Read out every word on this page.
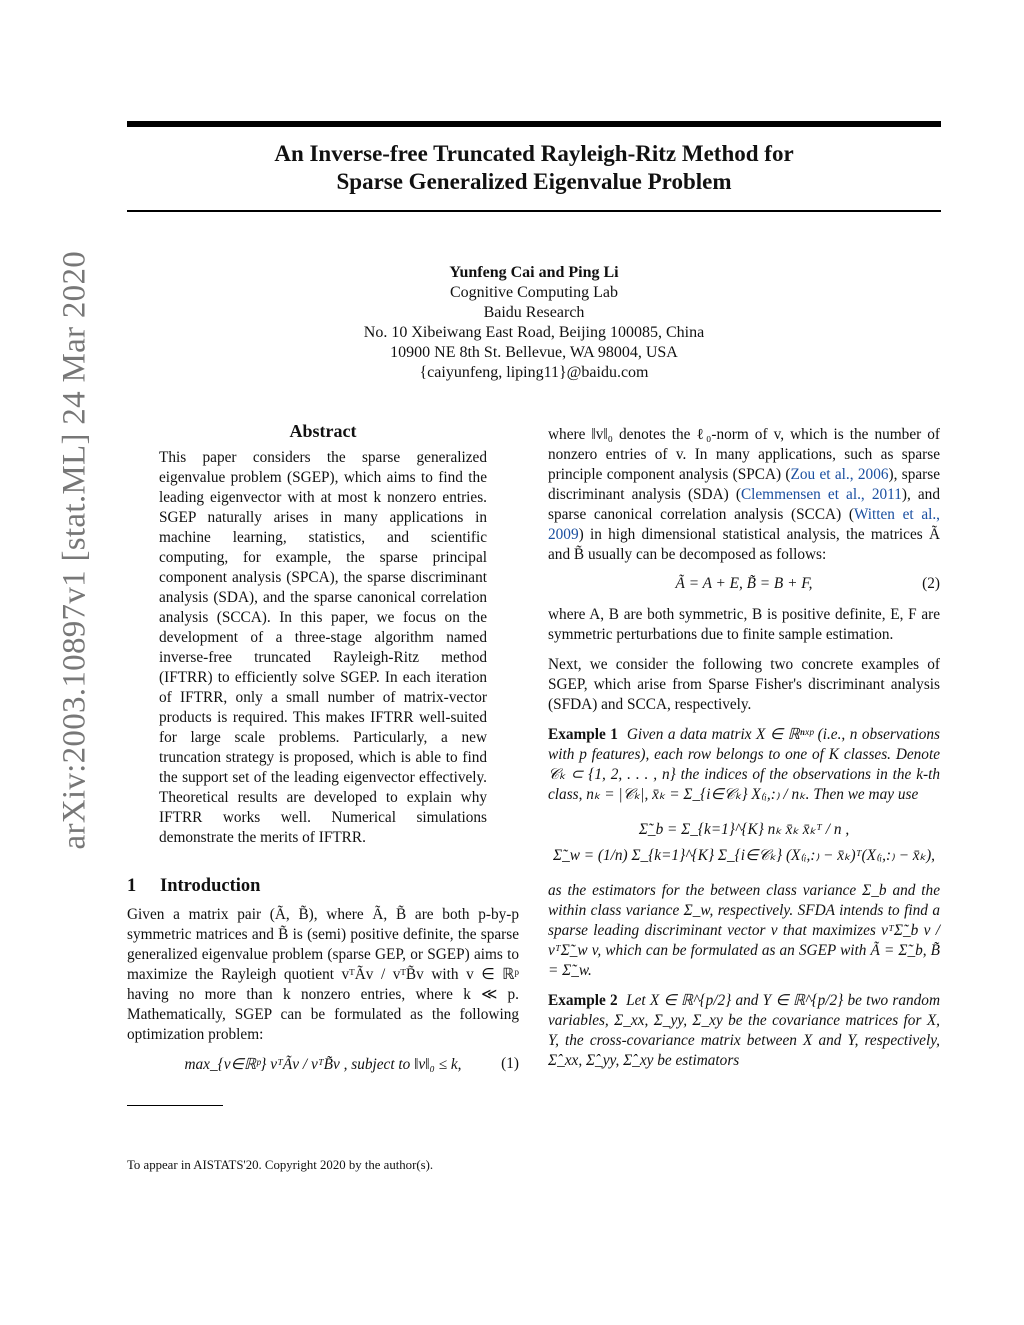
arXiv:2003.10897v1 [stat.ML] 24 Mar 2020
An Inverse-free Truncated Rayleigh-Ritz Method for
Sparse Generalized Eigenvalue Problem
Yunfeng Cai and Ping Li
Cognitive Computing Lab
Baidu Research
No. 10 Xibeiwang East Road, Beijing 100085, China
10900 NE 8th St. Bellevue, WA 98004, USA
{caiyunfeng, liping11}@baidu.com
Abstract
This paper considers the sparse generalized eigenvalue problem (SGEP), which aims to find the leading eigenvector with at most k nonzero entries. SGEP naturally arises in many applications in machine learning, statistics, and scientific computing, for example, the sparse principal component analysis (SPCA), the sparse discriminant analysis (SDA), and the sparse canonical correlation analysis (SCCA). In this paper, we focus on the development of a three-stage algorithm named inverse-free truncated Rayleigh-Ritz method (IFTRR) to efficiently solve SGEP. In each iteration of IFTRR, only a small number of matrix-vector products is required. This makes IFTRR well-suited for large scale problems. Particularly, a new truncation strategy is proposed, which is able to find the support set of the leading eigenvector effectively. Theoretical results are developed to explain why IFTRR works well. Numerical simulations demonstrate the merits of IFTRR.
1 Introduction

Given a matrix pair (Ã, B̃), where Ã, B̃ are both p-by-p symmetric matrices and B̃ is (semi) positive definite, the sparse generalized eigenvalue problem (sparse GEP, or SGEP) aims to maximize the Rayleigh quotient vᵀÃv / vᵀB̃v with v ∈ ℝᵖ having no more than k nonzero entries, where k ≪ p. Mathematically, SGEP can be formulated as the following optimization problem:

max_{v∈ℝᵖ} vᵀÃv / vᵀB̃v , subject to ‖v‖₀ ≤ k,	(1)
To appear in AISTATS'20. Copyright 2020 by the author(s).

where ‖v‖₀ denotes the ℓ₀-norm of v, which is the number of nonzero entries of v. In many applications, such as sparse principle component analysis (SPCA) (Zou et al., 2006), sparse discriminant analysis (SDA) (Clemmensen et al., 2011), and sparse canonical correlation analysis (SCCA) (Witten et al., 2009) in high dimensional statistical analysis, the matrices Ã and B̃ usually can be decomposed as follows:

Ã = A + E, B̃ = B + F,	(2)

where A, B are both symmetric, B is positive definite, E, F are symmetric perturbations due to finite sample estimation.

Next, we consider the following two concrete examples of SGEP, which arise from Sparse Fisher's discriminant analysis (SFDA) and SCCA, respectively.

Example 1 Given a data matrix X ∈ ℝⁿˣᵖ (i.e., n observations with p features), each row belongs to one of K classes. Denote 𝒞ₖ ⊂ {1, 2, . . . , n} the indices of the observations in the k-th class, nₖ = |𝒞ₖ|, x̄ₖ = Σ_{i∈𝒞ₖ} X₍ᵢ,:₎ / nₖ. Then we may use

Σ̃_b = Σ_{k=1}^{K} nₖ x̄ₖ x̄ₖᵀ / n ,
Σ̃_w = (1/n) Σ_{k=1}^{K} Σ_{i∈𝒞ₖ} (X₍ᵢ,:₎ − x̄ₖ)ᵀ(X₍ᵢ,:₎ − x̄ₖ),

as the estimators for the between class variance Σ_b and the within class variance Σ_w, respectively. SFDA intends to find a sparse leading discriminant vector v that maximizes vᵀΣ̃_b v / vᵀΣ̃_w v, which can be formulated as an SGEP with Ã = Σ̃_b, B̃ = Σ̃_w.

Example 2 Let X ∈ ℝ^{p/2} and Y ∈ ℝ^{p/2} be two random variables, Σ_xx, Σ_yy, Σ_xy be the covariance matrices for X, Y, the cross-covariance matrix between X and Y, respectively, Σ̂_xx, Σ̂_yy, Σ̂_xy be estimators
